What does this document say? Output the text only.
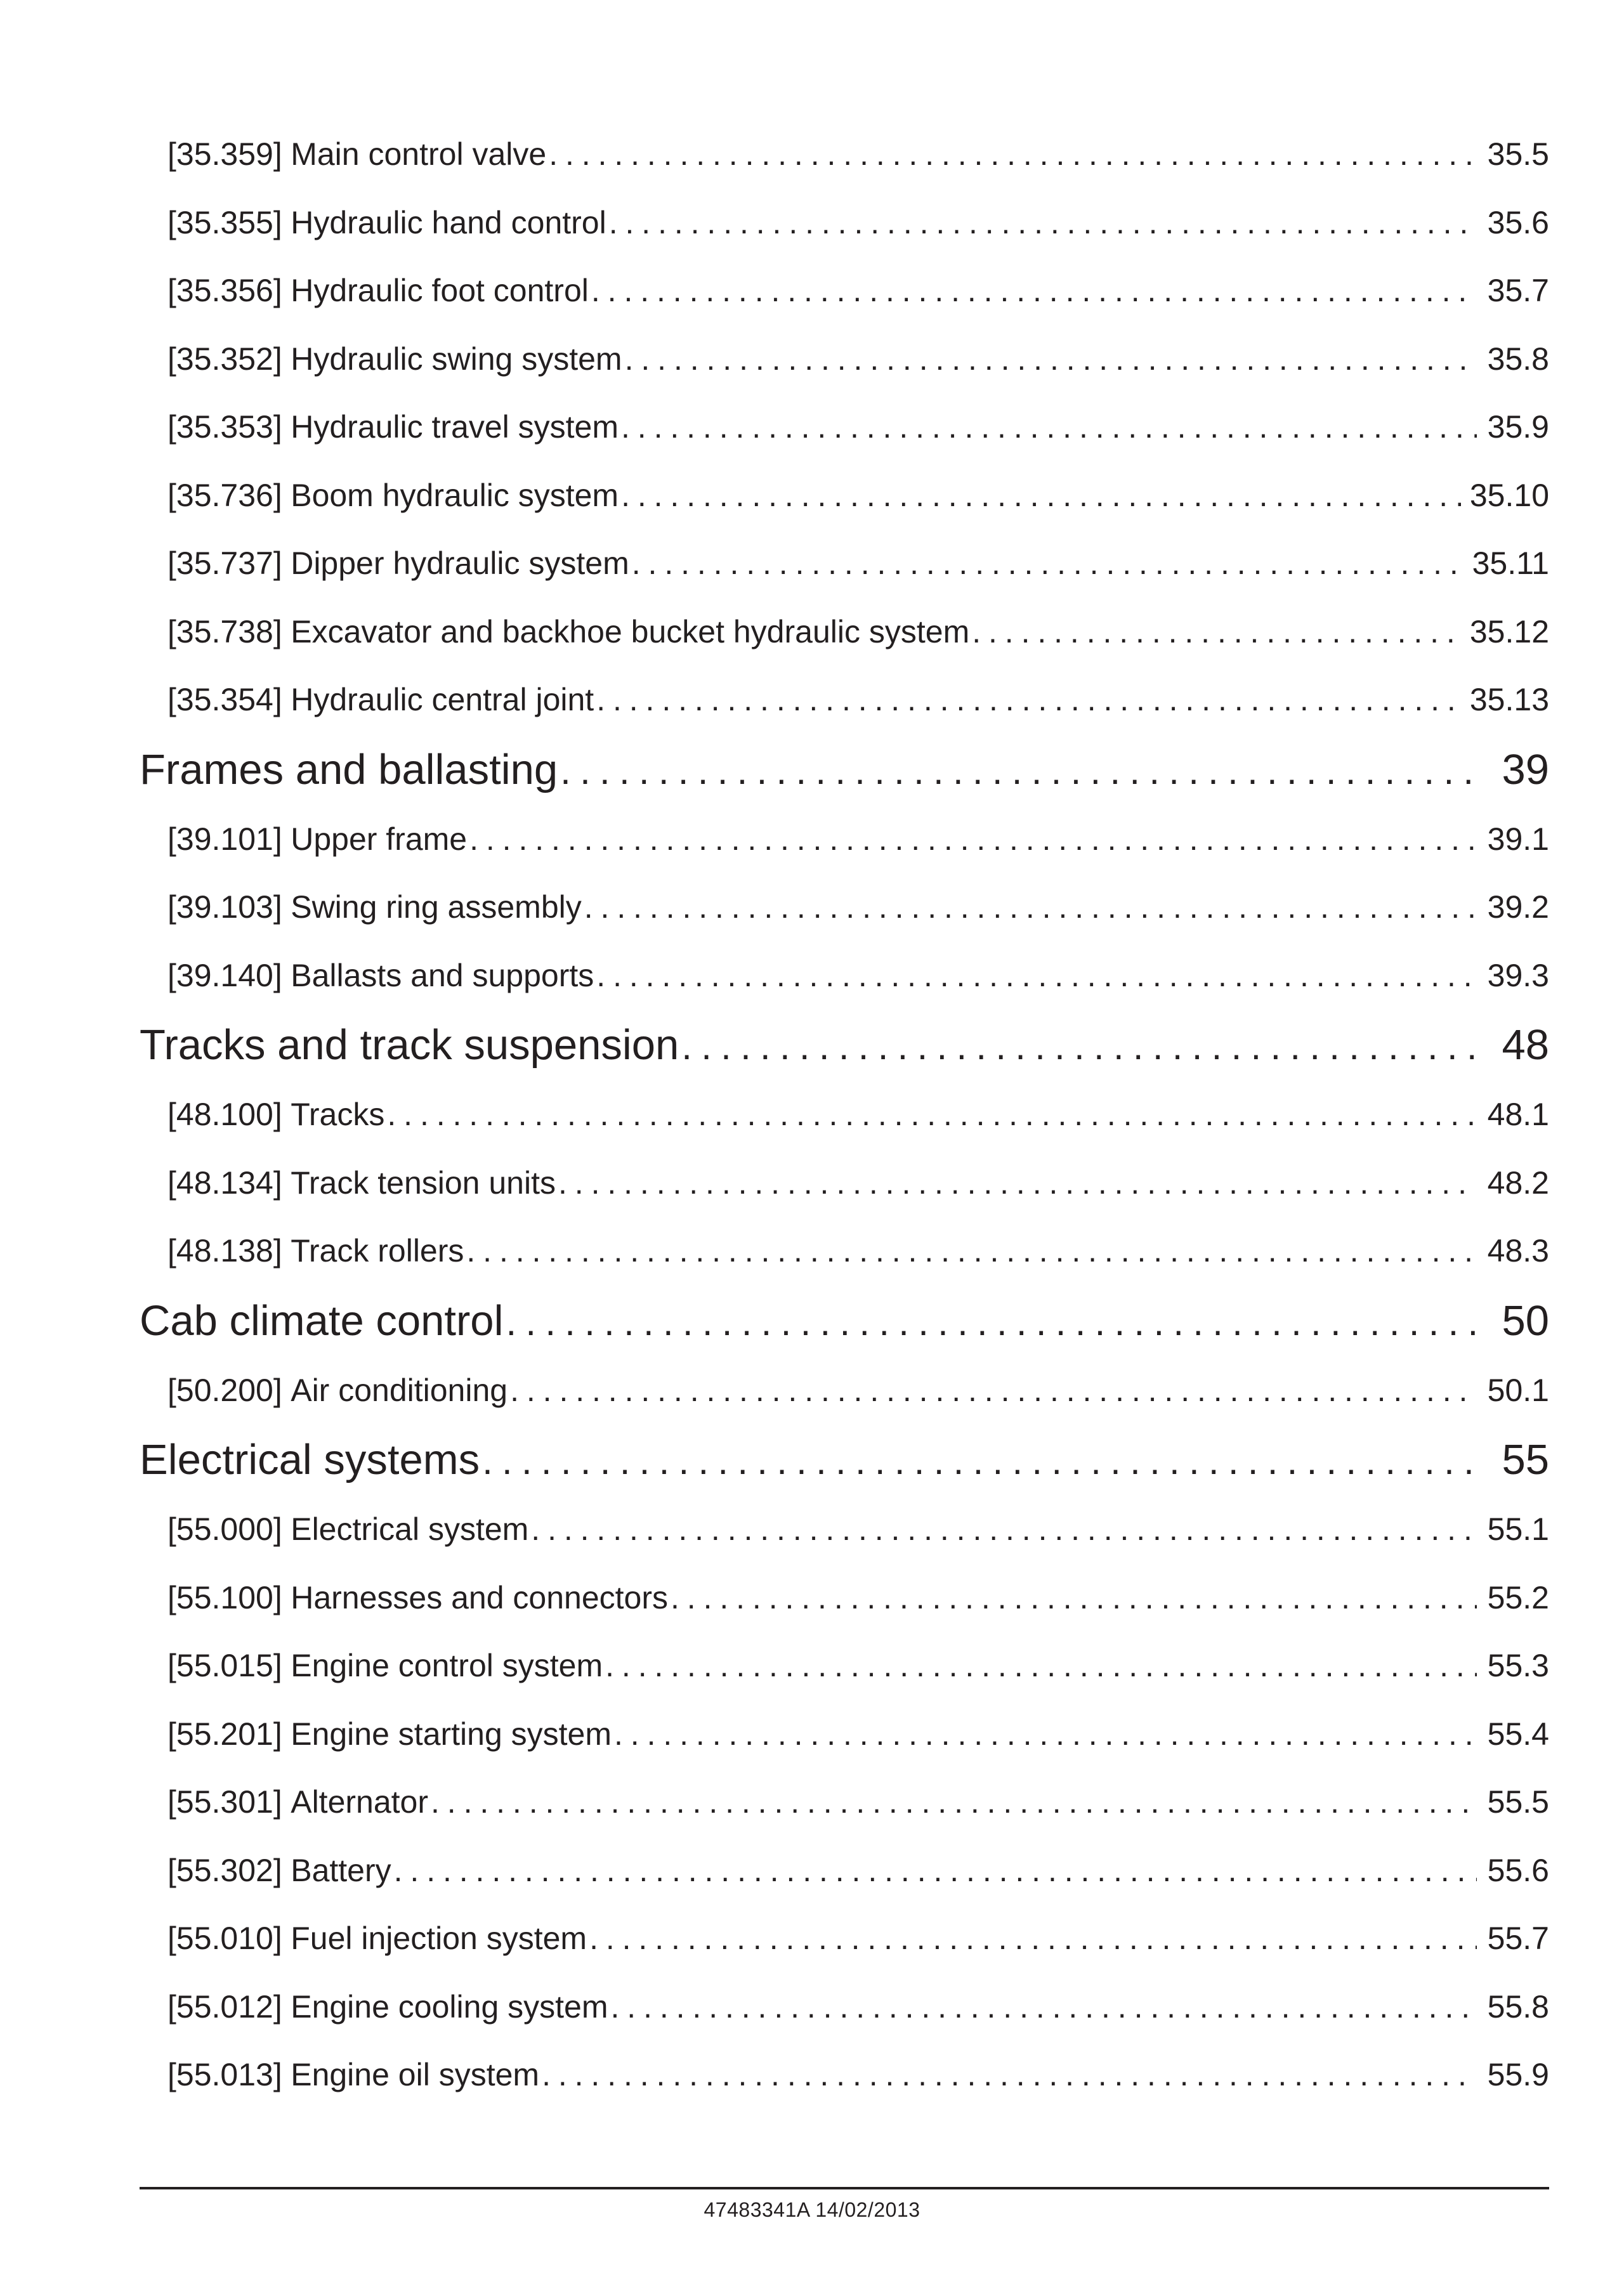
[35.359] Main control valve . . .	35.5
[35.355] Hydraulic hand control . . .	35.6
[35.356] Hydraulic foot control . . .	35.7
[35.352] Hydraulic swing system . . .	35.8
[35.353] Hydraulic travel system . . .	35.9
[35.736] Boom hydraulic system . . .	35.10
[35.737] Dipper hydraulic system . . .	35.11
[35.738] Excavator and backhoe bucket hydraulic system . . .	35.12
[35.354] Hydraulic central joint . . .	35.13
Frames and ballasting . . .	39
[39.101] Upper frame . . .	39.1
[39.103] Swing ring assembly . . .	39.2
[39.140] Ballasts and supports . . .	39.3
Tracks and track suspension . . .	48
[48.100] Tracks . . .	48.1
[48.134] Track tension units . . .	48.2
[48.138] Track rollers . . .	48.3
Cab climate control . . .	50
[50.200] Air conditioning . . .	50.1
Electrical systems . . .	55
[55.000] Electrical system . . .	55.1
[55.100] Harnesses and connectors . . .	55.2
[55.015] Engine control system . . .	55.3
[55.201] Engine starting system . . .	55.4
[55.301] Alternator . . .	55.5
[55.302] Battery . . .	55.6
[55.010] Fuel injection system . . .	55.7
[55.012] Engine cooling system . . .	55.8
[55.013] Engine oil system . . .	55.9
47483341A 14/02/2013
